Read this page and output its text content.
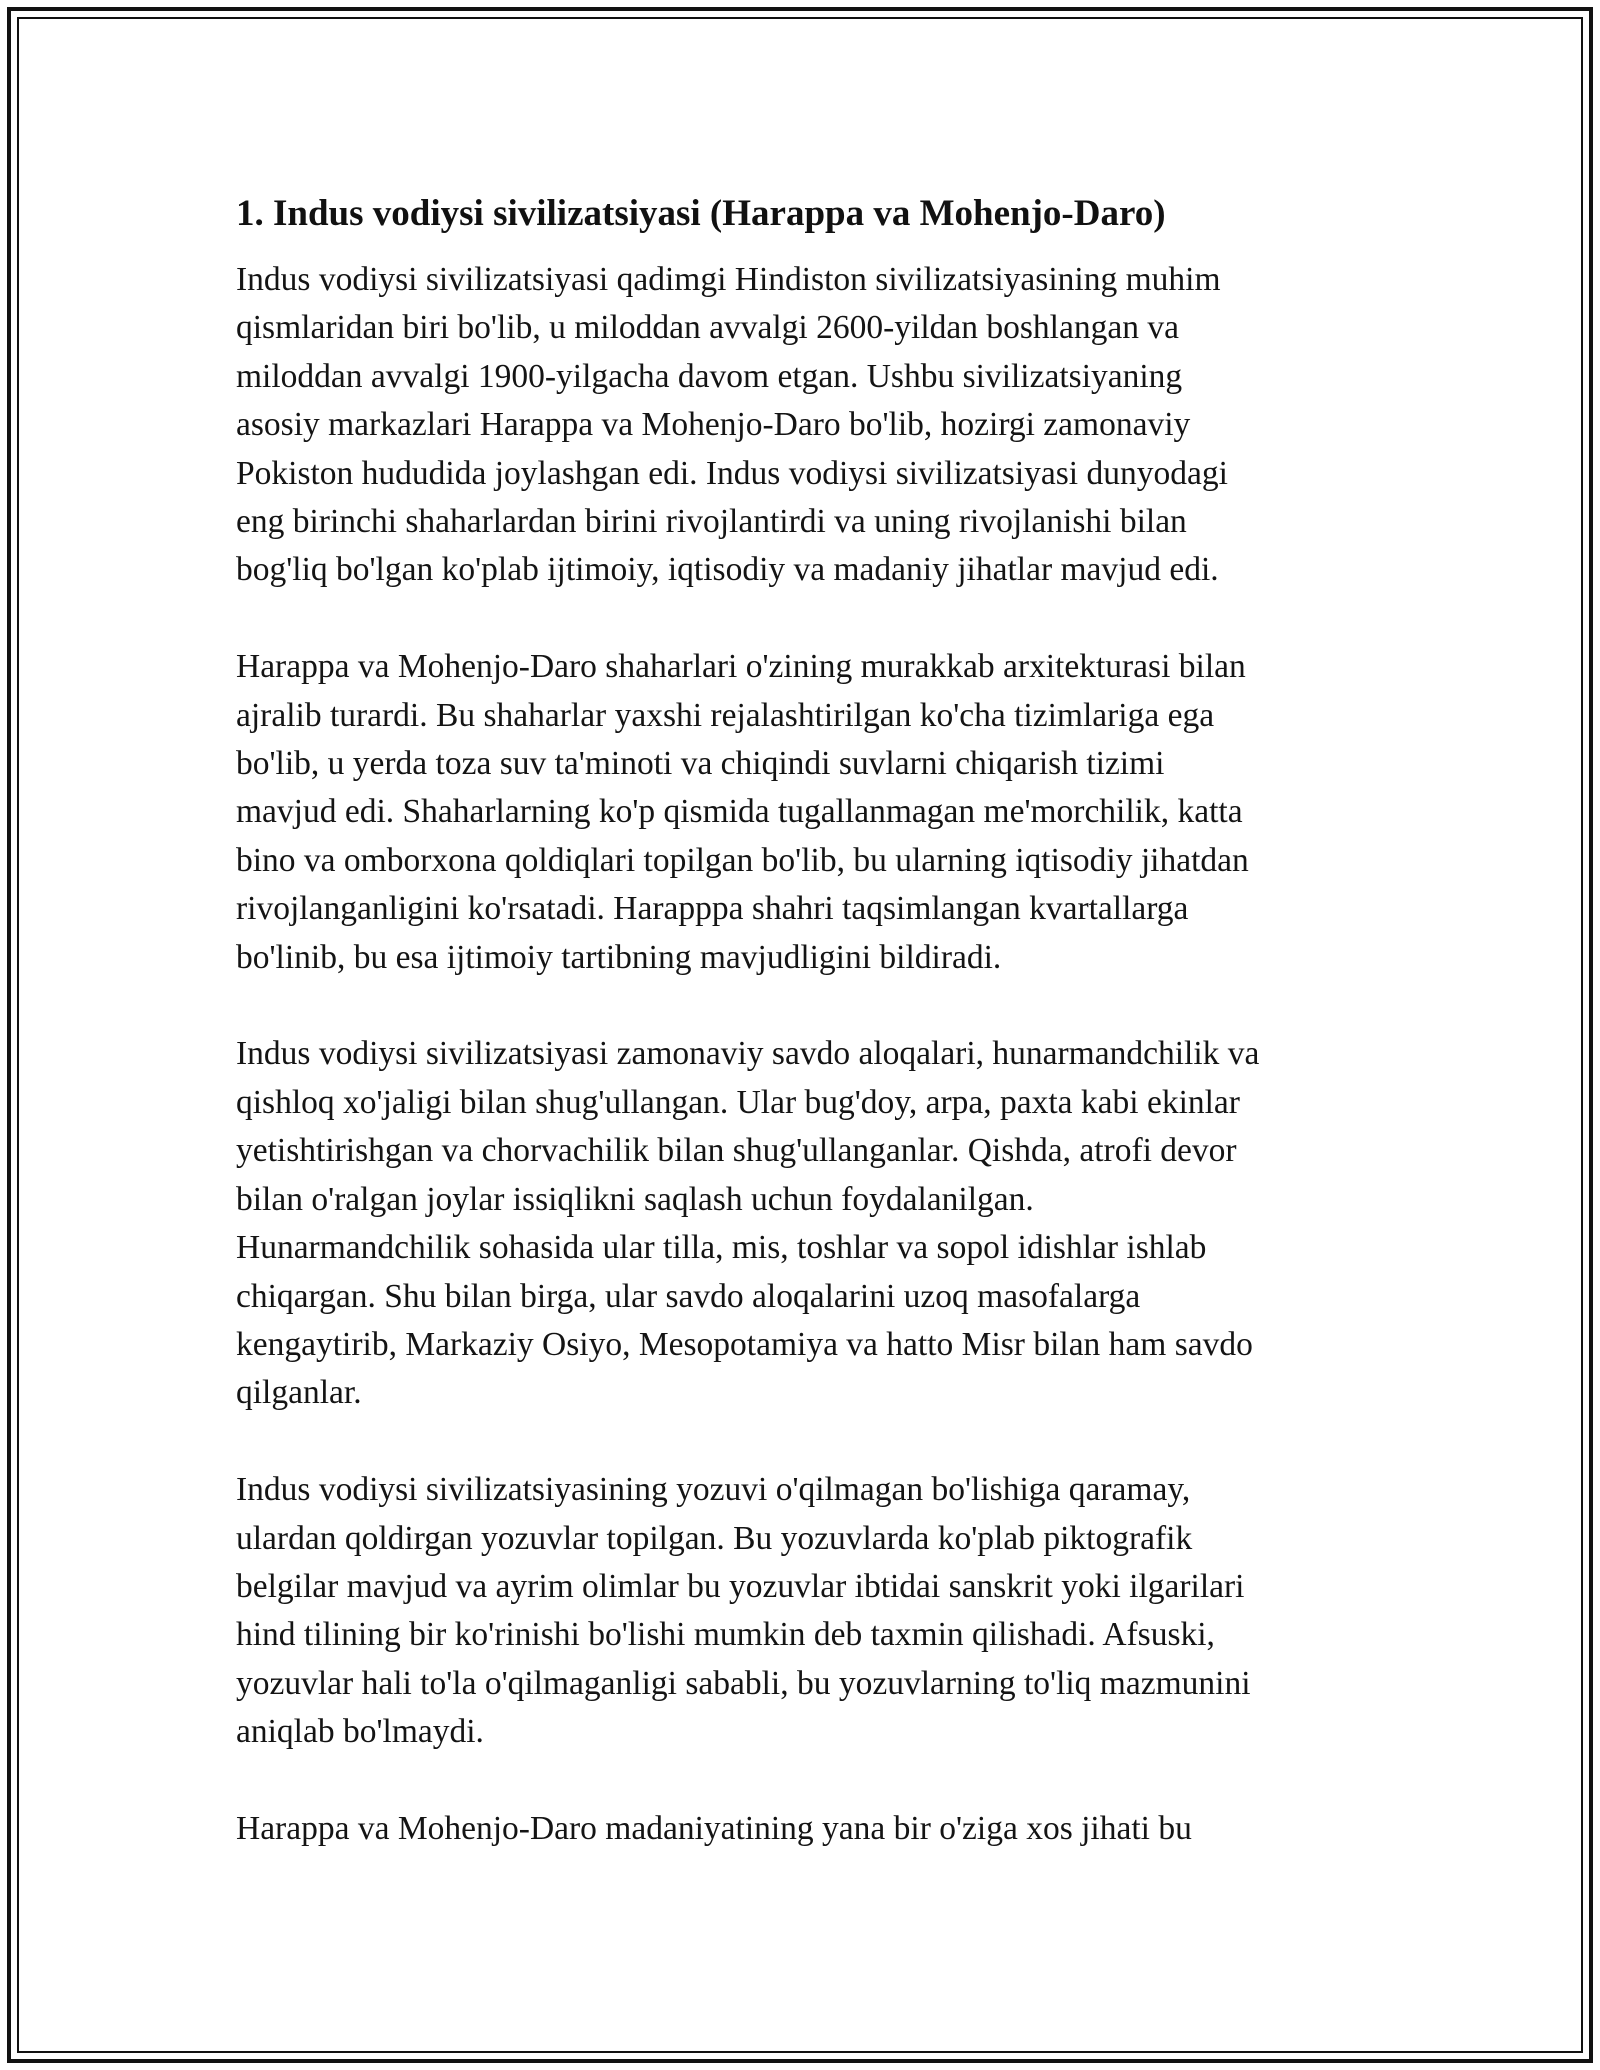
1. Indus vodiysi sivilizatsiyasi (Harappa va Mohenjo-Daro)

Indus vodiysi sivilizatsiyasi qadimgi Hindiston sivilizatsiyasining muhim
qismlaridan biri bo'lib, u miloddan avvalgi 2600-yildan boshlangan va
miloddan avvalgi 1900-yilgacha davom etgan. Ushbu sivilizatsiyaning
asosiy markazlari Harappa va Mohenjo-Daro bo'lib, hozirgi zamonaviy
Pokiston hududida joylashgan edi. Indus vodiysi sivilizatsiyasi dunyodagi
eng birinchi shaharlardan birini rivojlantirdi va uning rivojlanishi bilan
bog'liq bo'lgan ko'plab ijtimoiy, iqtisodiy va madaniy jihatlar mavjud edi.

Harappa va Mohenjo-Daro shaharlari o'zining murakkab arxitekturasi bilan
ajralib turardi. Bu shaharlar yaxshi rejalashtirilgan ko'cha tizimlariga ega
bo'lib, u yerda toza suv ta'minoti va chiqindi suvlarni chiqarish tizimi
mavjud edi. Shaharlarning ko'p qismida tugallanmagan me'morchilik, katta
bino va omborxona qoldiqlari topilgan bo'lib, bu ularning iqtisodiy jihatdan
rivojlanganligini ko'rsatadi. Harapppa shahri taqsimlangan kvartallarga
bo'linib, bu esa ijtimoiy tartibning mavjudligini bildiradi.

Indus vodiysi sivilizatsiyasi zamonaviy savdo aloqalari, hunarmandchilik va
qishloq xo'jaligi bilan shug'ullangan. Ular bug'doy, arpa, paxta kabi ekinlar
yetishtirishgan va chorvachilik bilan shug'ullanganlar. Qishda, atrofi devor
bilan o'ralgan joylar issiqlikni saqlash uchun foydalanilgan.
Hunarmandchilik sohasida ular tilla, mis, toshlar va sopol idishlar ishlab
chiqargan. Shu bilan birga, ular savdo aloqalarini uzoq masofalarga
kengaytirib, Markaziy Osiyo, Mesopotamiya va hatto Misr bilan ham savdo
qilganlar.

Indus vodiysi sivilizatsiyasining yozuvi o'qilmagan bo'lishiga qaramay,
ulardan qoldirgan yozuvlar topilgan. Bu yozuvlarda ko'plab piktografik
belgilar mavjud va ayrim olimlar bu yozuvlar ibtidai sanskrit yoki ilgarilari
hind tilining bir ko'rinishi bo'lishi mumkin deb taxmin qilishadi. Afsuski,
yozuvlar hali to'la o'qilmaganligi sababli, bu yozuvlarning to'liq mazmunini
aniqlab bo'lmaydi.

Harappa va Mohenjo-Daro madaniyatining yana bir o'ziga xos jihati bu
